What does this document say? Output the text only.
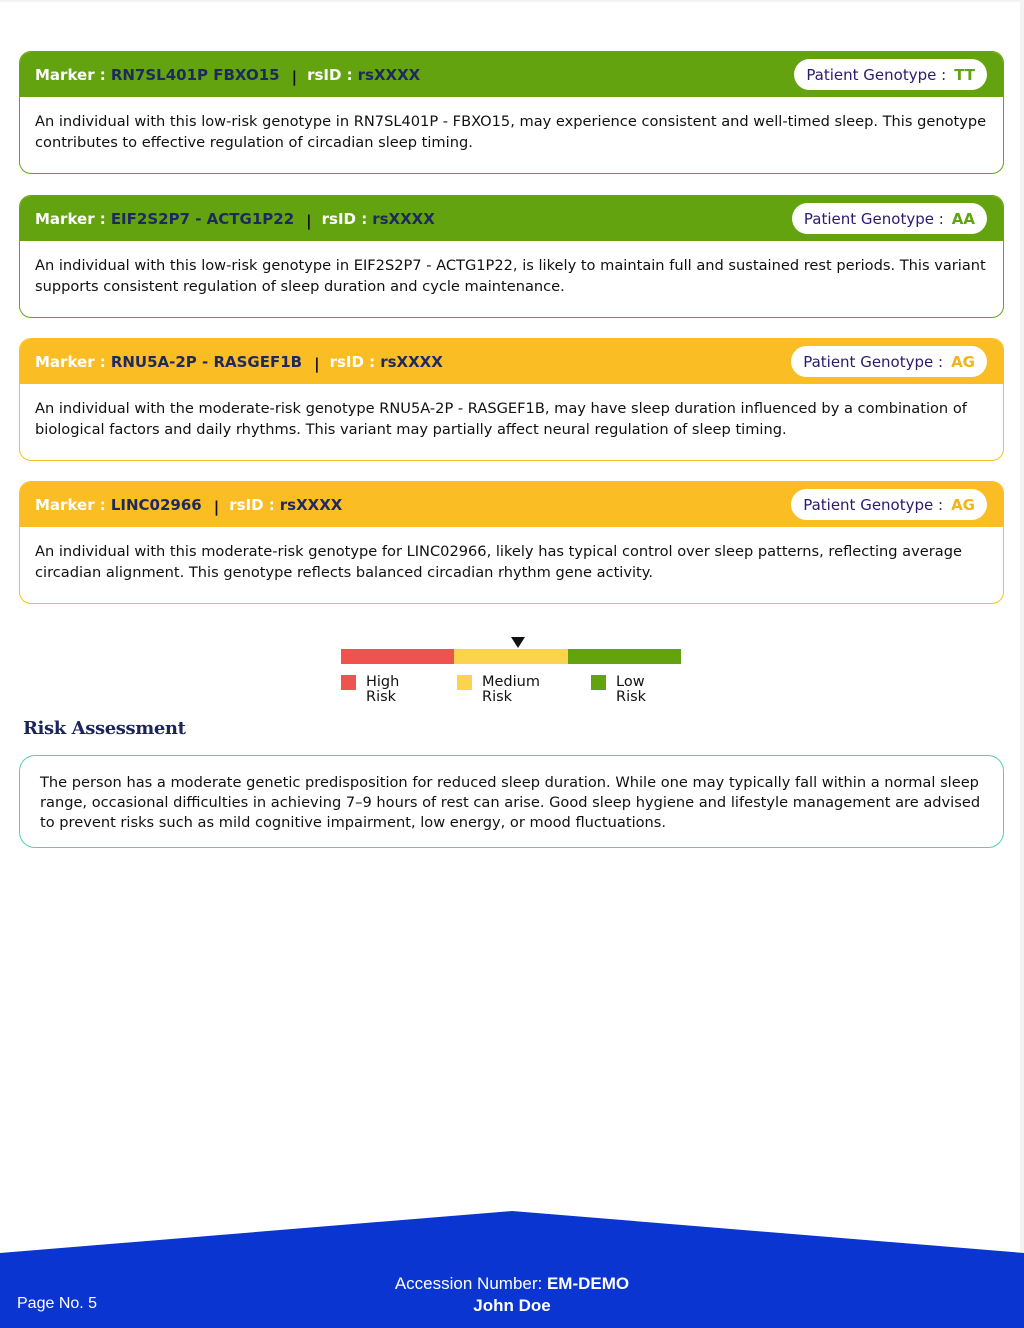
Marker : RN7SL401P FBXO15 | rsID : rsXXXX	Patient Genotype : TT
An individual with this low-risk genotype in RN7SL401P - FBXO15, may experience consistent and well-timed sleep. This genotype contributes to effective regulation of circadian sleep timing.
Marker : EIF2S2P7 - ACTG1P22 | rsID : rsXXXX	Patient Genotype : AA
An individual with this low-risk genotype in EIF2S2P7 - ACTG1P22, is likely to maintain full and sustained rest periods. This variant supports consistent regulation of sleep duration and cycle maintenance.
Marker : RNU5A-2P - RASGEF1B | rsID : rsXXXX	Patient Genotype : AG
An individual with the moderate-risk genotype RNU5A-2P - RASGEF1B, may have sleep duration influenced by a combination of biological factors and daily rhythms. This variant may partially affect neural regulation of sleep timing.
Marker : LINC02966 | rsID : rsXXXX	Patient Genotype : AG
An individual with this moderate-risk genotype for LINC02966, likely has typical control over sleep patterns, reflecting average circadian alignment. This genotype reflects balanced circadian rhythm gene activity.
High
Risk
Medium
Risk
Low
Risk
Risk Assessment
The person has a moderate genetic predisposition for reduced sleep duration. While one may typically fall within a normal sleep range, occasional difficulties in achieving 7–9 hours of rest can arise. Good sleep hygiene and lifestyle management are advised to prevent risks such as mild cognitive impairment, low energy, or mood fluctuations.
Page No. 5
Accession Number: EM-DEMO
John Doe
